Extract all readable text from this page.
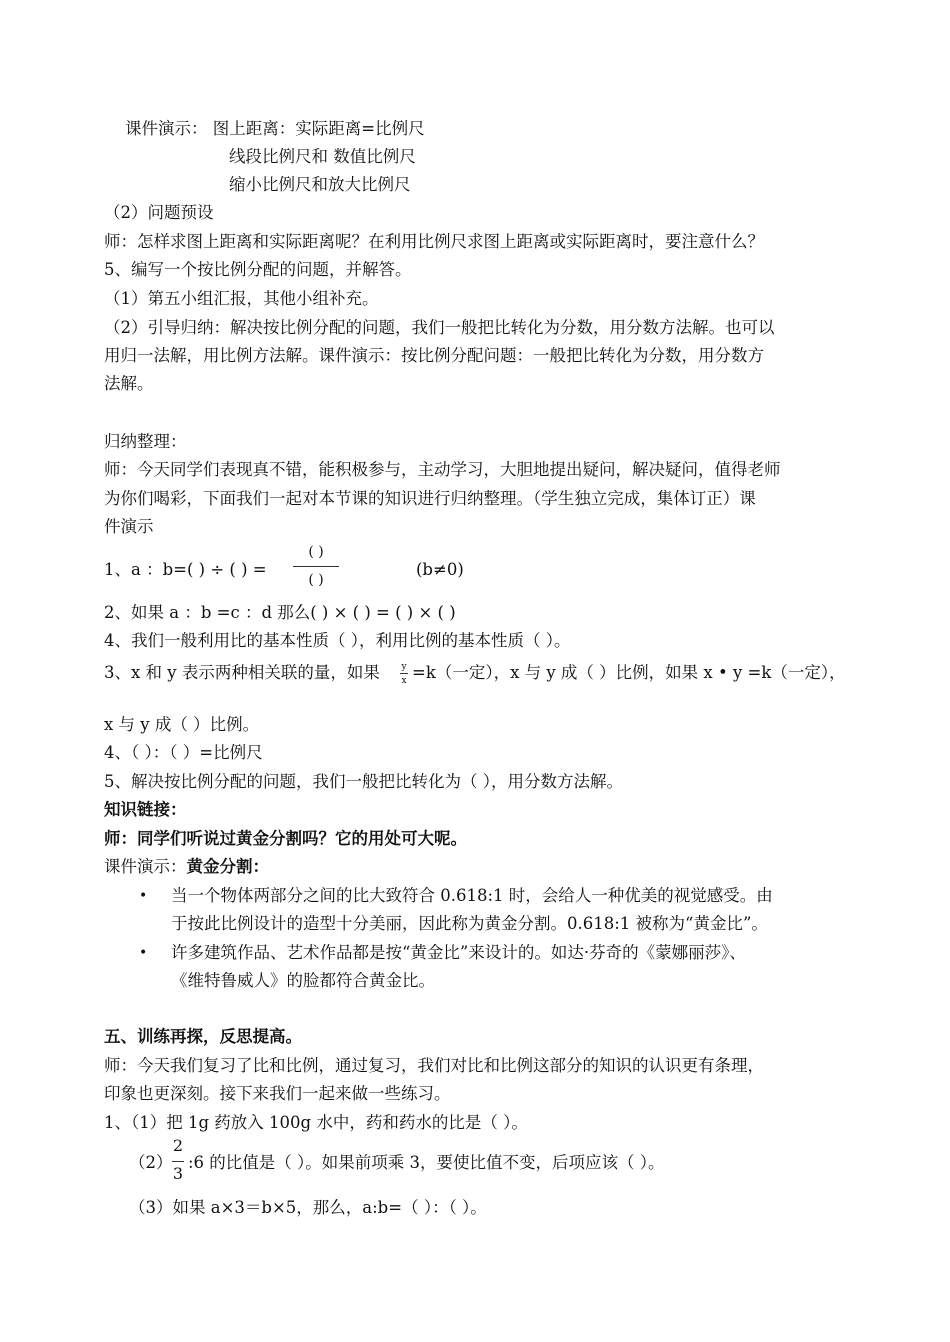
课件演示： 图上距离：实际距离=比例尺
线段比例尺和 数值比例尺
缩小比例尺和放大比例尺
（2）问题预设
师：怎样求图上距离和实际距离呢？在利用比例尺求图上距离或实际距离时，要注意什么？
5、编写一个按比例分配的问题，并解答。
（1）第五小组汇报，其他小组补充。
（2）引导归纳：解决按比例分配的问题，我们一般把比转化为分数，用分数方法解。也可以
用归一法解，用比例方法解。课件演示：按比例分配问题：一般把比转化为分数，用分数方
法解。
归纳整理：
师：今天同学们表现真不错，能积极参与，主动学习，大胆地提出疑问，解决疑问，值得老师
为你们喝彩，下面我们一起对本节课的知识进行归纳整理。（学生独立完成，集体订正）课
件演示
1、a ：b=( ) ÷ ( ) =
( )
( )
(b≠0)
2、如果 a ：b =c ：d 那么( ) × ( ) = ( ) × ( )
4、我们一般利用比的基本性质（ ），利用比例的基本性质（ ）。
3、x 和 y 表示两种相关联的量，如果	y
x =k（一定），x 与 y 成（ ）比例，如果 x • y =k（一定），
x 与 y 成（ ）比例。
4、（ ）：（ ）=比例尺
5、解决按比例分配的问题，我们一般把比转化为（ ），用分数方法解。
知识链接：
师：同学们听说过黄金分割吗？它的用处可大呢。
课件演示：黄金分割：
• 当一个物体两部分之间的比大致符合 0.618:1 时，会给人一种优美的视觉感受。由
于按此比例设计的造型十分美丽，因此称为黄金分割。0.618:1 被称为“黄金比”。
• 许多建筑作品、艺术作品都是按“黄金比”来设计的。如达·芬奇的《蒙娜丽莎》、
《维特鲁威人》的脸都符合黄金比。
五、训练再探，反思提高。
师：今天我们复习了比和比例，通过复习，我们对比和比例这部分的知识的认识更有条理，
印象也更深刻。接下来我们一起来做一些练习。
1、（1）把 1g 药放入 100g 水中，药和药水的比是（ ）。
（2）
2
3
:6 的比值是（ ）。如果前项乘 3，要使比值不变，后项应该（ ）。
（3）如果 a×3＝b×5，那么，a:b=（ ）：（ ）。
